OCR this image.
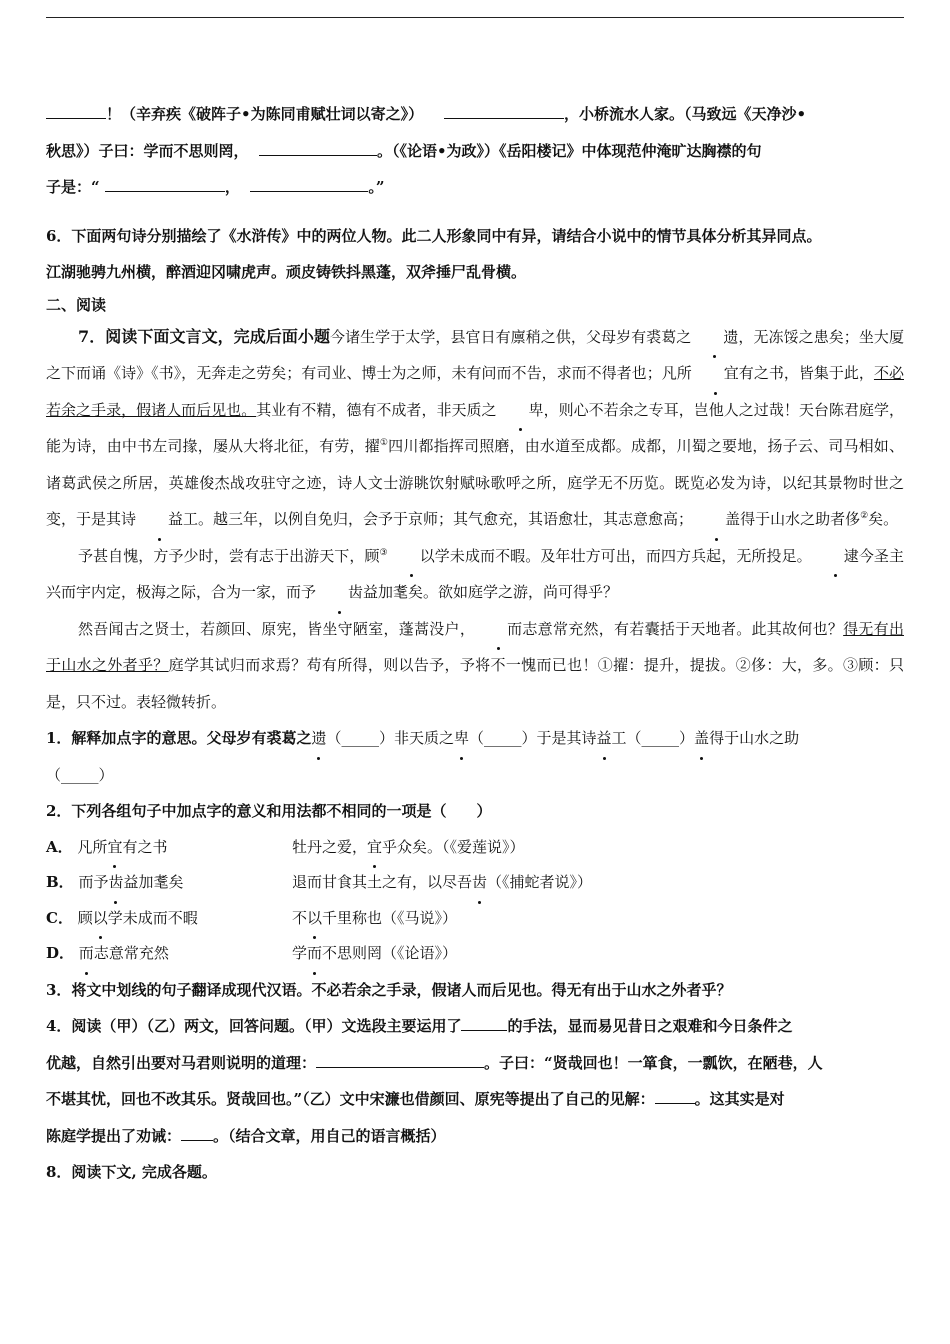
！（辛弃疾《破阵子•为陈同甫赋壮词以寄之》）	，小桥流水人家。（马致远《天净沙•

秋思》）子曰：学而不思则罔，	。（《论语•为政》）《岳阳楼记》中体现范仲淹旷达胸襟的句

子是：“	，	。”

6．下面两句诗分别描绘了《水浒传》中的两位人物。此二人形象同中有异，请结合小说中的情节具体分析其异同点。

江湖驰骋九州横，醉酒迎冈啸虎声。顽皮铸铁抖黑蓬，双斧捶尸乱骨横。

二、阅读

7．阅读下面文言文，完成后面小题今诸生学于太学，县官日有廪稍之供，父母岁有裘葛之 遗，无冻馁之患矣；坐大厦之下而诵《诗》《书》，无奔走之劳矣；有司业、博士为之师，未有问而不告，求而不得者也；凡所 宜有之书，皆集于此，不必若余之手录，假诸人而后见也。其业有不精，德有不成者，非天质之 卑，则心不若余之专耳，岂他人之过哉！天台陈君庭学，能为诗，由中书左司掾，屡从大将北征，有劳，擢①四川都指挥司照磨，由水道至成都。成都，川蜀之要地，扬子云、司马相如、诸葛武侯之所居，英雄俊杰战攻驻守之迹，诗人文士游眺饮射赋咏歌呼之所，庭学无不历览。既览必发为诗，以纪其景物时世之变，于是其诗 益工。越三年，以例自免归，会予于京师；其气愈充，其语愈壮，其志意愈高； 盖得于山水之助者侈②矣。

予甚自愧，方予少时，尝有志于出游天下，顾③ 以学未成而不暇。及年壮方可出，而四方兵起，无所投足。 逮今圣主兴而宇内定，极海之际，合为一家，而予 齿益加耄矣。欲如庭学之游，尚可得乎？

然吾闻古之贤士，若颜回、原宪，皆坐守陋室，蓬蒿没户， 而志意常充然，有若囊括于天地者。此其故何也？得无有出于山水之外者乎？庭学其试归而求焉？苟有所得，则以告予，予将不一愧而已也！①擢：提升，提拔。②侈：大，多。③顾：只是，只不过。表轻微转折。

1．解释加点字的意思。父母岁有裘葛之遗（_____）非天质之卑（_____）于是其诗益工（_____）盖得于山水之助
（_____）

2．下列各组句子中加点字的意义和用法都不相同的一项是（　　）

A． 凡所宜有之书	牡丹之爱，宜乎众矣。（《爱莲说》）
B． 而予齿益加耄矣	退而甘食其土之有，以尽吾齿（《捕蛇者说》）
C． 顾以学未成而不暇	不以千里称也（《马说》）
D． 而志意常充然	学而不思则罔（《论语》）

3．将文中划线的句子翻译成现代汉语。不必若余之手录，假诸人而后见也。得无有出于山水之外者乎？

4．阅读（甲）（乙）两文，回答问题。（甲）文选段主要运用了	的手法，显而易见昔日之艰难和今日条件之
优越，自然引出要对马君则说明的道理：	。子曰：“贤哉回也！一箪食，一瓢饮，在陋巷，人
不堪其忧，回也不改其乐。贤哉回也。”（乙）文中宋濂也借颜回、原宪等提出了自己的见解：	。这其实是对
陈庭学提出了劝诫： 。（结合文章，用自己的语言概括）

8．阅读下文, 完成各题。
